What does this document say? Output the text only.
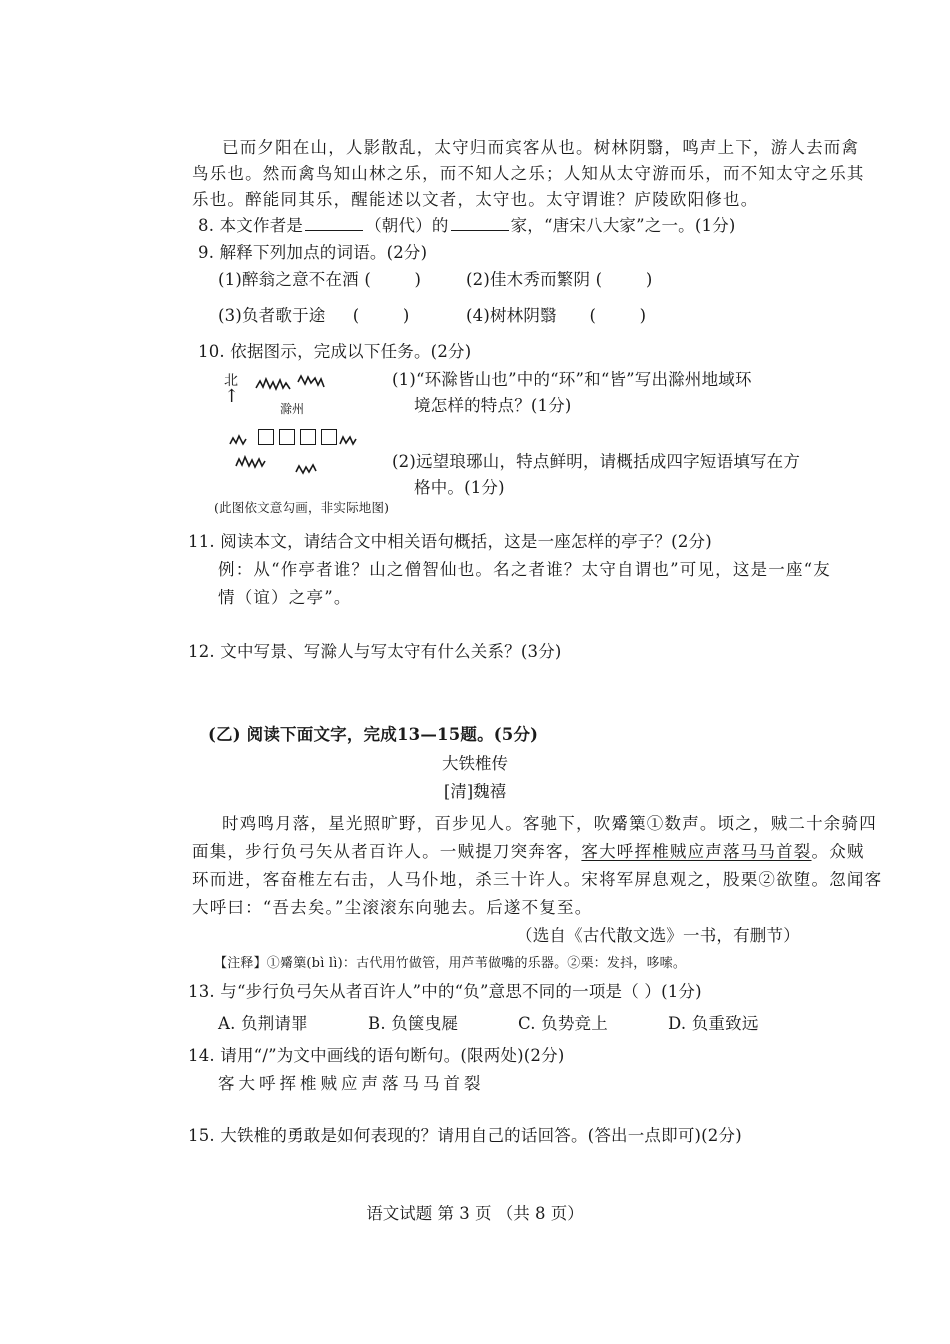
已而夕阳在山，人影散乱，太守归而宾客从也。树林阴翳，鸣声上下，游人去而禽
鸟乐也。然而禽鸟知山林之乐，而不知人之乐；人知从太守游而乐，而不知太守之乐其
乐也。醉能同其乐，醒能述以文者，太守也。太守谓谁？庐陵欧阳修也。
8. 本文作者是	（朝代）的	家，“唐宋八大家”之一。(1分)
9. 解释下列加点的词语。(2分)
(1)醉翁之意不在酒 (        )	(2)佳木秀而繁阴 (        )
(3)负者歌于途     (        )	(4)树林阴翳      (        )
10. 依据图示，完成以下任务。(2分)
北
↑
滁州
(此图依文意勾画，非实际地图)
(1)“环滁皆山也”中的“环”和“皆”写出滁州地域环
境怎样的特点？(1分)
(2)远望琅琊山，特点鲜明，请概括成四字短语填写在方
格中。(1分)
11. 阅读本文，请结合文中相关语句概括，这是一座怎样的亭子？(2分)
例：从“作亭者谁？山之僧智仙也。名之者谁？太守自谓也”可见，这是一座“友
情（谊）之亭”。
12. 文中写景、写滁人与写太守有什么关系？(3分)
(乙) 阅读下面文字，完成13—15题。(5分)
大铁椎传
[清]魏禧
时鸡鸣月落，星光照旷野，百步见人。客驰下，吹觱篥①数声。顷之，贼二十余骑四
面集，步行负弓矢从者百许人。一贼提刀突奔客，客大呼挥椎贼应声落马马首裂。众贼
环而进，客奋椎左右击，人马仆地，杀三十许人。宋将军屏息观之，股栗②欲堕。忽闻客
大呼曰：“吾去矣。”尘滚滚东向驰去。后遂不复至。
（选自《古代散文选》一书，有删节）
【注释】①觱篥(bì lì)：古代用竹做管，用芦苇做嘴的乐器。②栗：发抖，哆嗦。
13. 与“步行负弓矢从者百许人”中的“负”意思不同的一项是（ ）(1分)
A. 负荆请罪	B. 负箧曳屣	C. 负势竞上	D. 负重致远
14. 请用“/”为文中画线的语句断句。(限两处)(2分)
客大呼挥椎贼应声落马马首裂
15. 大铁椎的勇敢是如何表现的？请用自己的话回答。(答出一点即可)(2分)
语文试题 第 3 页 （共 8 页）
